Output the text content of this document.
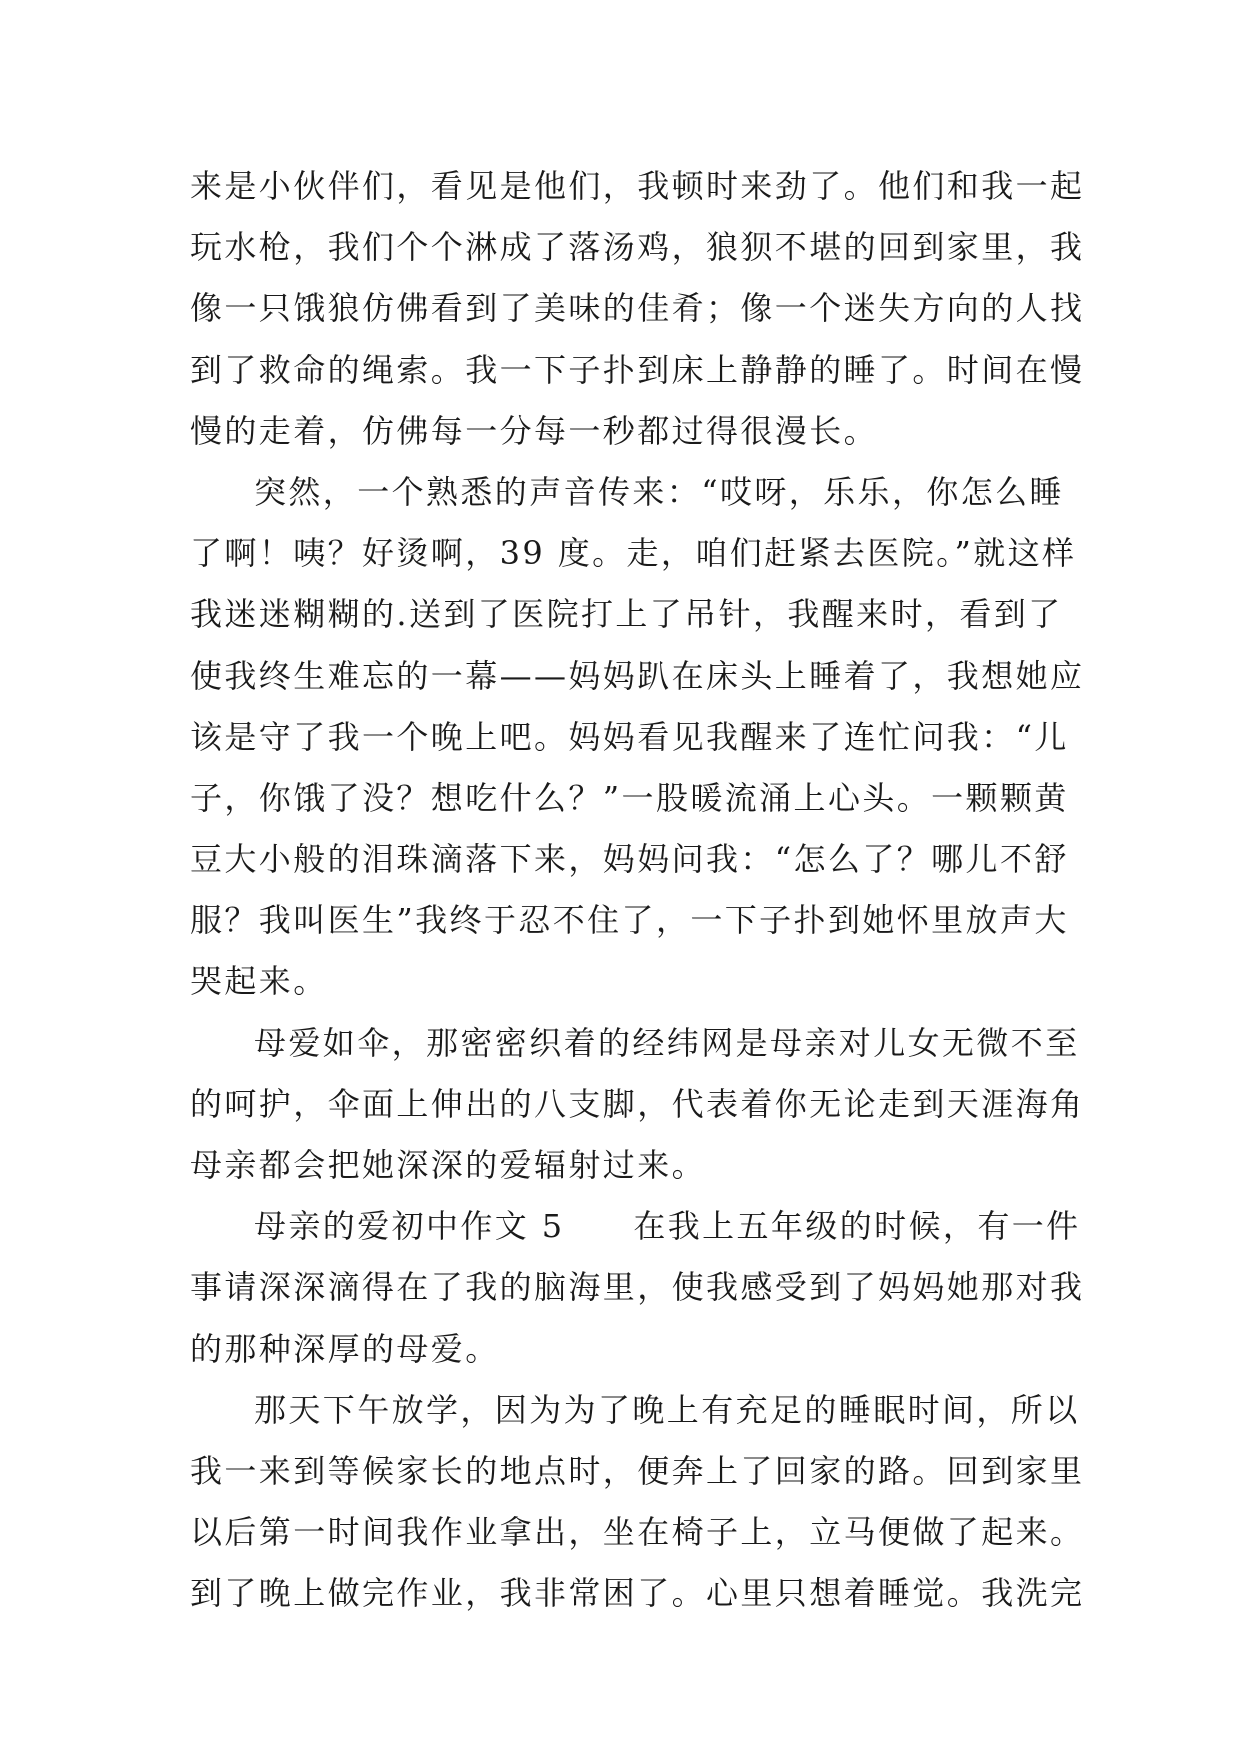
来是小伙伴们，看见是他们，我顿时来劲了。他们和我一起
玩水枪，我们个个淋成了落汤鸡，狼狈不堪的回到家里，我
像一只饿狼仿佛看到了美味的佳肴；像一个迷失方向的人找
到了救命的绳索。我一下子扑到床上静静的睡了。时间在慢
慢的走着，仿佛每一分每一秒都过得很漫长。
突然，一个熟悉的声音传来：“哎呀，乐乐，你怎么睡
了啊！咦？好烫啊，39 度。走，咱们赶紧去医院。”就这样
我迷迷糊糊的.送到了医院打上了吊针，我醒来时，看到了
使我终生难忘的一幕——妈妈趴在床头上睡着了，我想她应
该是守了我一个晚上吧。妈妈看见我醒来了连忙问我：“儿
子，你饿了没？想吃什么？”一股暖流涌上心头。一颗颗黄
豆大小般的泪珠滴落下来，妈妈问我：“怎么了？哪儿不舒
服？我叫医生”我终于忍不住了，一下子扑到她怀里放声大
哭起来。
母爱如伞，那密密织着的经纬网是母亲对儿女无微不至
的呵护，伞面上伸出的八支脚，代表着你无论走到天涯海角
母亲都会把她深深的爱辐射过来。
母亲的爱初中作文 5　　在我上五年级的时候，有一件
事请深深滴得在了我的脑海里，使我感受到了妈妈她那对我
的那种深厚的母爱。
那天下午放学，因为为了晚上有充足的睡眠时间，所以
我一来到等候家长的地点时，便奔上了回家的路。回到家里
以后第一时间我作业拿出，坐在椅子上，立马便做了起来。
到了晚上做完作业，我非常困了。心里只想着睡觉。我洗完
